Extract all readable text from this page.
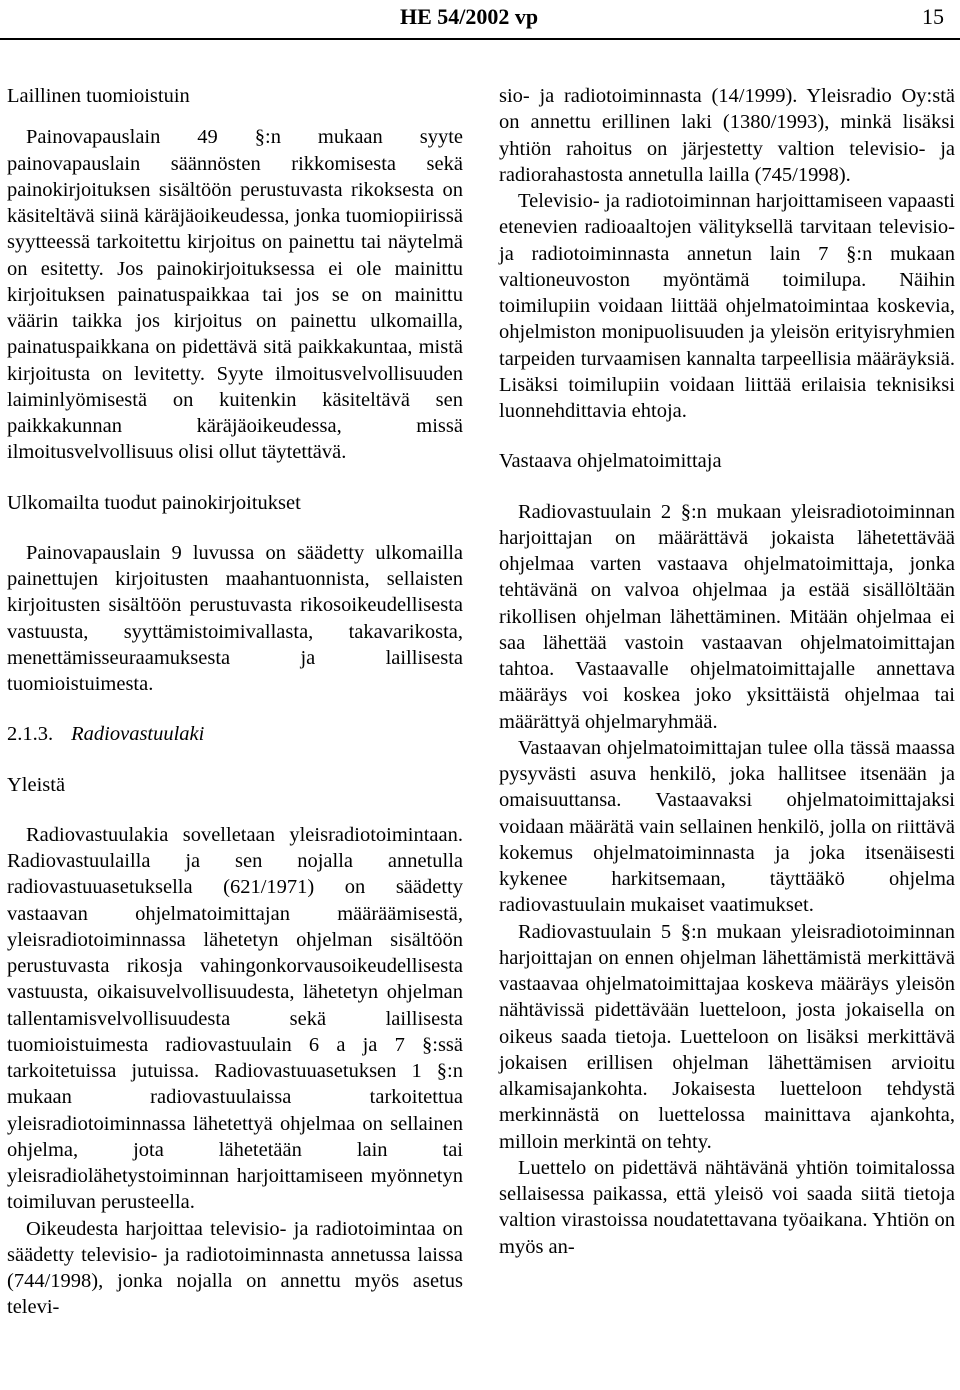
HE 54/2002 vp	15

Laillinen tuomioistuin

Painovapauslain 49 §:n mukaan syyte painovapauslain säännösten rikkomisesta sekä painokirjoituksen sisältöön perustuvasta rikoksesta on käsiteltävä siinä käräjäoikeudessa, jonka tuomiopiirissä syytteessä tarkoitettu kirjoitus on painettu tai näytelmä on esitetty. Jos painokirjoituksessa ei ole mainittu kirjoituksen painatuspaikkaa tai jos se on mainittu väärin taikka jos kirjoitus on painettu ulkomailla, painatuspaikkana on pidettävä sitä paikkakuntaa, mistä kirjoitusta on levitetty. Syyte ilmoitusvelvollisuuden laiminlyömisestä on kuitenkin käsiteltävä sen paikkakunnan käräjäoikeudessa, missä ilmoitusvelvollisuus olisi ollut täytettävä.

Ulkomailta tuodut painokirjoitukset

Painovapauslain 9 luvussa on säädetty ulkomailla painettujen kirjoitusten maahantuonnista, sellaisten kirjoitusten sisältöön perustuvasta rikosoikeudellisesta vastuusta, syyttämistoimivallasta, takavarikosta, menettämisseuraamuksesta ja laillisesta tuomioistuimesta.

2.1.3. Radiovastuulaki

Yleistä

Radiovastuulakia sovelletaan yleisradiotoimintaan. Radiovastuulailla ja sen nojalla annetulla radiovastuuasetuksella (621/1971) on säädetty vastaavan ohjelmatoimittajan määräämisestä, yleisradiotoiminnassa lähetetyn ohjelman sisältöön perustuvasta rikosja vahingonkorvausoikeudellisesta vastuusta, oikaisuvelvollisuudesta, lähetetyn ohjelman tallentamisvelvollisuudesta sekä laillisesta tuomioistuimesta radiovastuulain 6 a ja 7 §:ssä tarkoitetuissa jutuissa. Radiovastuuasetuksen 1 §:n mukaan radiovastuulaissa tarkoitettua yleisradiotoiminnassa lähetettyä ohjelmaa on sellainen ohjelma, jota lähetetään lain tai yleisradiolähetystoiminnan harjoittamiseen myönnetyn toimiluvan perusteella.

Oikeudesta harjoittaa televisio- ja radiotoimintaa on säädetty televisio- ja radiotoiminnasta annetussa laissa (744/1998), jonka nojalla on annettu myös asetus televi-

sio- ja radiotoiminnasta (14/1999). Yleisradio Oy:stä on annettu erillinen laki (1380/1993), minkä lisäksi yhtiön rahoitus on järjestetty valtion televisio- ja radiorahastosta annetulla lailla (745/1998).

Televisio- ja radiotoiminnan harjoittamiseen vapaasti etenevien radioaaltojen välityksellä tarvitaan televisio- ja radiotoiminnasta annetun lain 7 §:n mukaan valtioneuvoston myöntämä toimilupa. Näihin toimilupiin voidaan liittää ohjelmatoimintaa koskevia, ohjelmiston monipuolisuuden ja yleisön erityisryhmien tarpeiden turvaamisen kannalta tarpeellisia määräyksiä. Lisäksi toimilupiin voidaan liittää erilaisia teknisiksi luonnehdittavia ehtoja.

Vastaava ohjelmatoimittaja

Radiovastuulain 2 §:n mukaan yleisradiotoiminnan harjoittajan on määrättävä jokaista lähetettävää ohjelmaa varten vastaava ohjelmatoimittaja, jonka tehtävänä on valvoa ohjelmaa ja estää sisällöltään rikollisen ohjelman lähettäminen. Mitään ohjelmaa ei saa lähettää vastoin vastaavan ohjelmatoimittajan tahtoa. Vastaavalle ohjelmatoimittajalle annettava määräys voi koskea joko yksittäistä ohjelmaa tai määrättyä ohjelmaryhmää.

Vastaavan ohjelmatoimittajan tulee olla tässä maassa pysyvästi asuva henkilö, joka hallitsee itsenään ja omaisuuttansa. Vastaavaksi ohjelmatoimittajaksi voidaan määrätä vain sellainen henkilö, jolla on riittävä kokemus ohjelmatoiminnasta ja joka itsenäisesti kykenee harkitsemaan, täyttääkö ohjelma radiovastuulain mukaiset vaatimukset.

Radiovastuulain 5 §:n mukaan yleisradiotoiminnan harjoittajan on ennen ohjelman lähettämistä merkittävä vastaavaa ohjelmatoimittajaa koskeva määräys yleisön nähtävissä pidettävään luetteloon, josta jokaisella on oikeus saada tietoja. Luetteloon on lisäksi merkittävä jokaisen erillisen ohjelman lähettämisen arvioitu alkamisajankohta. Jokaisesta luetteloon tehdystä merkinnästä on luettelossa mainittava ajankohta, milloin merkintä on tehty.

Luettelo on pidettävä nähtävänä yhtiön toimitalossa sellaisessa paikassa, että yleisö voi saada siitä tietoja valtion virastoissa noudatettavana työaikana. Yhtiön on myös an-
